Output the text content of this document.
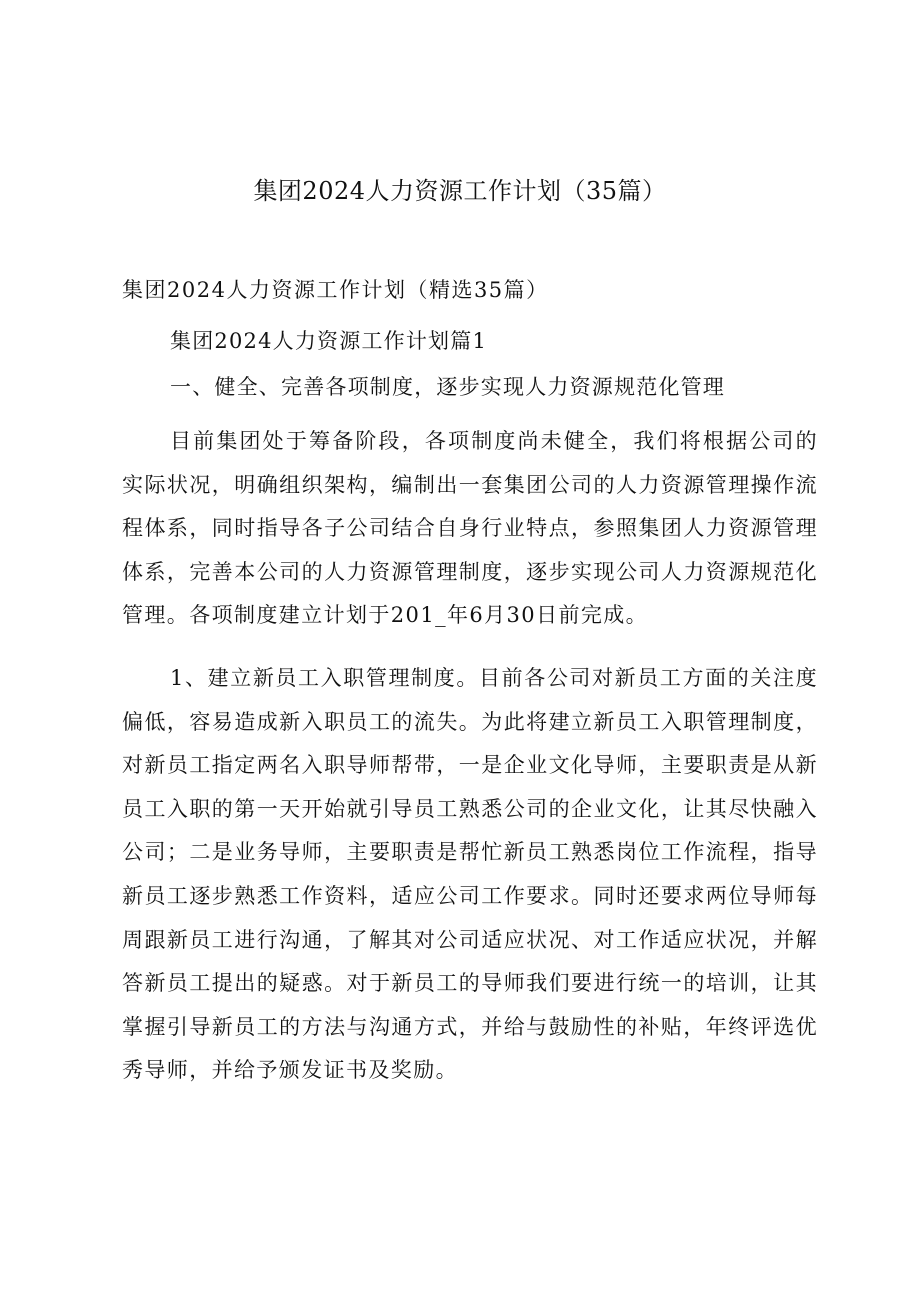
集团2024人力资源工作计划（35篇）
集团2024人力资源工作计划（精选35篇）
集团2024人力资源工作计划篇1
一、健全、完善各项制度，逐步实现人力资源规范化管理
目前集团处于筹备阶段，各项制度尚未健全，我们将根据公司的实际状况，明确组织架构，编制出一套集团公司的人力资源管理操作流程体系，同时指导各子公司结合自身行业特点，参照集团人力资源管理体系，完善本公司的人力资源管理制度，逐步实现公司人力资源规范化管理。各项制度建立计划于201_年6月30日前完成。
1、建立新员工入职管理制度。目前各公司对新员工方面的关注度偏低，容易造成新入职员工的流失。为此将建立新员工入职管理制度，对新员工指定两名入职导师帮带，一是企业文化导师，主要职责是从新员工入职的第一天开始就引导员工熟悉公司的企业文化，让其尽快融入公司；二是业务导师，主要职责是帮忙新员工熟悉岗位工作流程，指导新员工逐步熟悉工作资料，适应公司工作要求。同时还要求两位导师每周跟新员工进行沟通，了解其对公司适应状况、对工作适应状况，并解答新员工提出的疑惑。对于新员工的导师我们要进行统一的培训，让其掌握引导新员工的方法与沟通方式，并给与鼓励性的补贴，年终评选优秀导师，并给予颁发证书及奖励。
